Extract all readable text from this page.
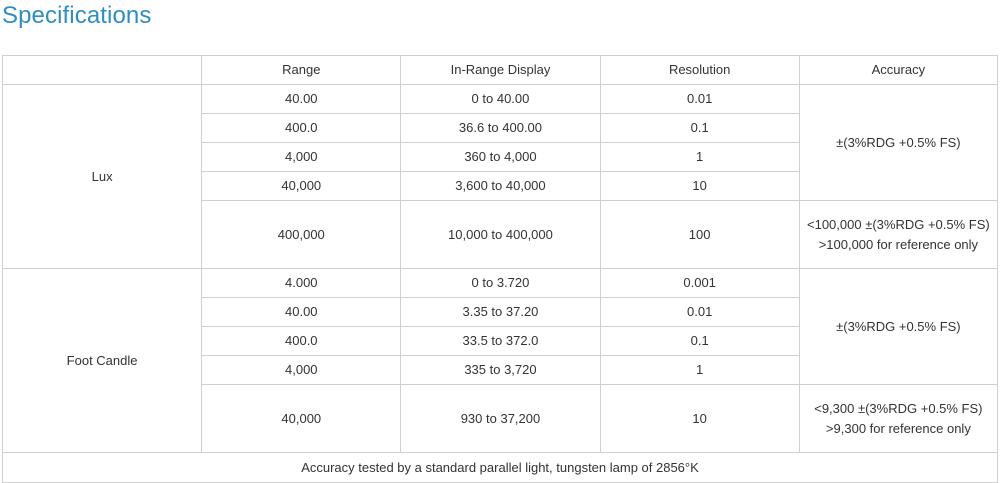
Specifications
	Range	In-Range Display	Resolution	Accuracy
Lux	40.00	0 to 40.00	0.01	±(3%RDG +0.5% FS)
	400.0	36.6 to 400.00	0.1	
	4,000	360 to 4,000	1	
	40,000	3,600 to 40,000	10	
	400,000	10,000 to 400,000	100	<100,000 ±(3%RDG +0.5% FS) >100,000 for reference only
Foot Candle	4.000	0 to 3.720	0.001	±(3%RDG +0.5% FS)
	40.00	3.35 to 37.20	0.01	
	400.0	33.5 to 372.0	0.1	
	4,000	335 to 3,720	1	
	40,000	930 to 37,200	10	<9,300 ±(3%RDG +0.5% FS) >9,300 for reference only
Accuracy tested by a standard parallel light, tungsten lamp of 2856°K				
